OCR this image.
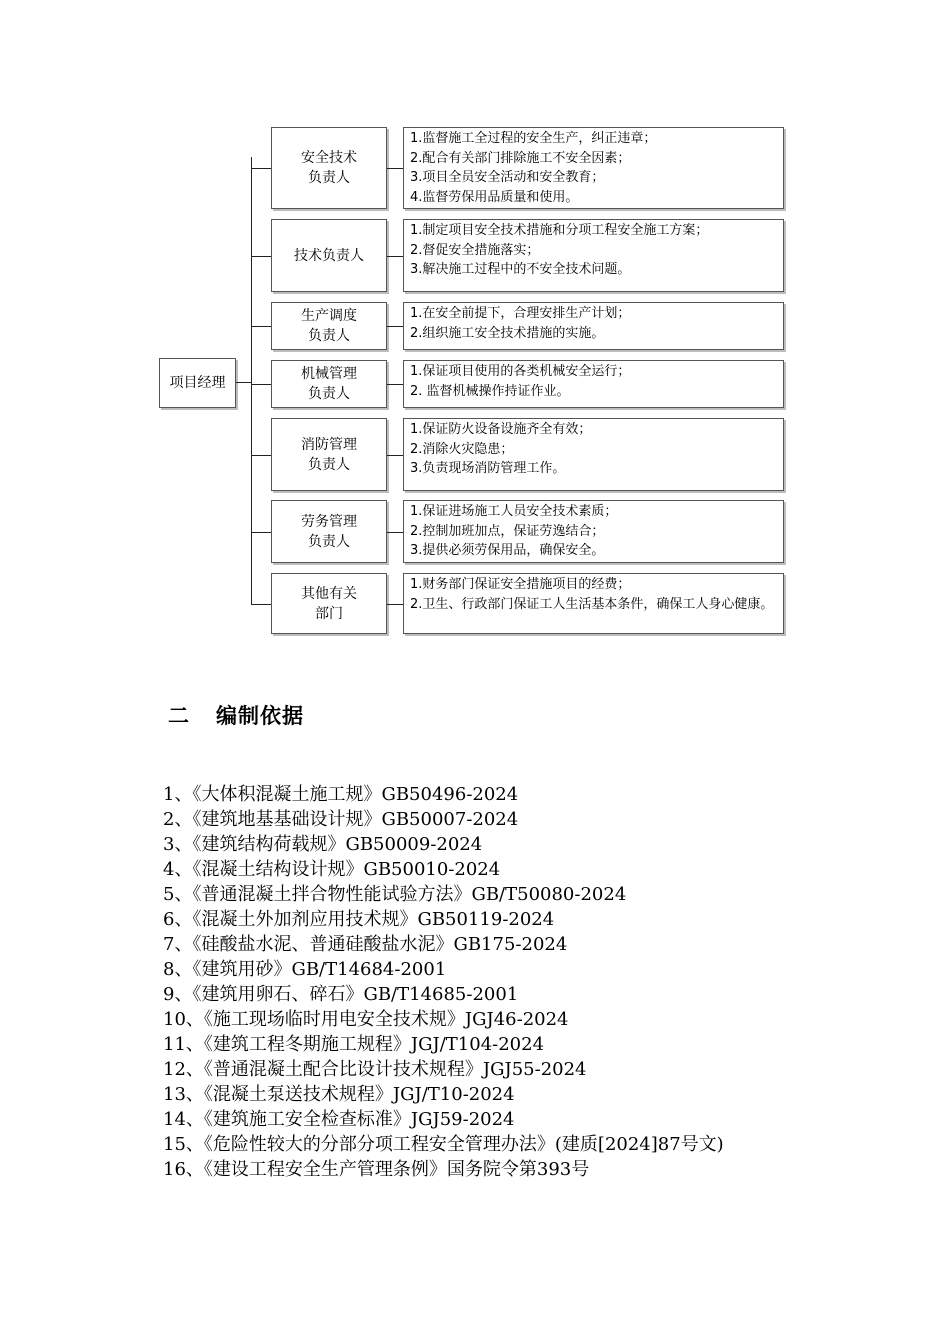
项目经理
安全技术
负责人
1.监督施工全过程的安全生产，纠正违章；
2.配合有关部门排除施工不安全因素；
3.项目全员安全活动和安全教育；
4.监督劳保用品质量和使用。
技术负责人
1.制定项目安全技术措施和分项工程安全施工方案；
2.督促安全措施落实；
3.解决施工过程中的不安全技术问题。
生产调度
负责人
1.在安全前提下，合理安排生产计划；
2.组织施工安全技术措施的实施。
机械管理
负责人
1.保证项目使用的各类机械安全运行；
2. 监督机械操作持证作业。
消防管理
负责人
1.保证防火设备设施齐全有效；
2.消除火灾隐患；
3.负责现场消防管理工作。
劳务管理
负责人
1.保证进场施工人员安全技术素质；
2.控制加班加点，保证劳逸结合；
3.提供必须劳保用品，确保安全。
其他有关
部门
1.财务部门保证安全措施项目的经费；
2.卫生、行政部门保证工人生活基本条件，确保工人身心健康。
二 编制依据
1、《大体积混凝土施工规》GB50496-2024
2、《建筑地基基础设计规》GB50007-2024
3、《建筑结构荷载规》GB50009-2024
4、《混凝土结构设计规》GB50010-2024
5、《普通混凝土拌合物性能试验方法》GB/T50080-2024
6、《混凝土外加剂应用技术规》GB50119-2024
7、《硅酸盐水泥、普通硅酸盐水泥》GB175-2024
8、《建筑用砂》GB/T14684-2001
9、《建筑用卵石、碎石》GB/T14685-2001
10、《施工现场临时用电安全技术规》JGJ46-2024
11、《建筑工程冬期施工规程》JGJ/T104-2024
12、《普通混凝土配合比设计技术规程》JGJ55-2024
13、《混凝土泵送技术规程》JGJ/T10-2024
14、《建筑施工安全检查标准》JGJ59-2024
15、《危险性较大的分部分项工程安全管理办法》(建质[2024]87号文)
16、《建设工程安全生产管理条例》国务院令第393号
